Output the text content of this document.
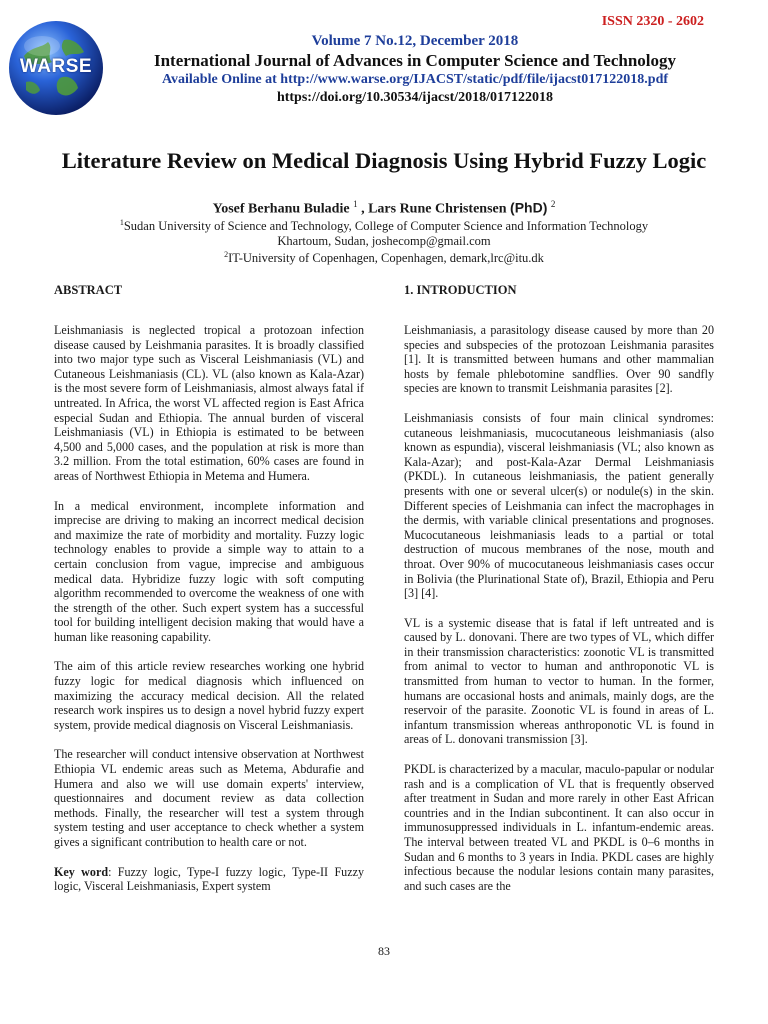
ISSN 2320 - 2602
WARSE
Volume 7 No.12, December 2018
International Journal of Advances in Computer Science and Technology
Available Online at http://www.warse.org/IJACST/static/pdf/file/ijacst017122018.pdf
https://doi.org/10.30534/ijacst/2018/017122018
Literature Review on Medical Diagnosis Using Hybrid Fuzzy Logic
Yosef Berhanu Buladie $^1$ , Lars Rune Christensen (PhD) $^2$
$^1$Sudan University of Science and Technology, College of Computer Science and Information Technology
Khartoum, Sudan, joshecomp@gmail.com
$^2$IT-University of Copenhagen, Copenhagen, demark,lrc@itu.dk
ABSTRACT

Leishmaniasis is neglected tropical a protozoan infection disease caused by Leishmania parasites. It is broadly classified into two major type such as Visceral Leishmaniasis (VL) and Cutaneous Leishmaniasis (CL). VL (also known as Kala-Azar) is the most severe form of Leishmaniasis, almost always fatal if untreated. In Africa, the worst VL affected region is East Africa especial Sudan and Ethiopia. The annual burden of visceral Leishmaniasis (VL) in Ethiopia is estimated to be between 4,500 and 5,000 cases, and the population at risk is more than 3.2 million. From the total estimation, 60% cases are found in areas of Northwest Ethiopia in Metema and Humera.

In a medical environment, incomplete information and imprecise are driving to making an incorrect medical decision and maximize the rate of morbidity and mortality. Fuzzy logic technology enables to provide a simple way to attain to a certain conclusion from vague, imprecise and ambiguous medical data. Hybridize fuzzy logic with soft computing algorithm recommended to overcome the weakness of one with the strength of the other. Such expert system has a successful tool for building intelligent decision making that would have a human like reasoning capability.

The aim of this article review researches working one hybrid fuzzy logic for medical diagnosis which influenced on maximizing the accuracy medical decision. All the related research work inspires us to design a novel hybrid fuzzy expert system, provide medical diagnosis on Visceral Leishmaniasis.

The researcher will conduct intensive observation at Northwest Ethiopia VL endemic areas such as Metema, Abdurafie and Humera and also we will use domain experts' interview, questionnaires and document review as data collection methods. Finally, the researcher will test a system through system testing and user acceptance to check whether a system gives a significant contribution to health care or not.

Key word: Fuzzy logic, Type-I fuzzy logic, Type-II Fuzzy logic, Visceral Leishmaniasis, Expert system

1. INTRODUCTION

Leishmaniasis, a parasitology disease caused by more than 20 species and subspecies of the protozoan Leishmania parasites [1]. It is transmitted between humans and other mammalian hosts by female phlebotomine sandflies. Over 90 sandfly species are known to transmit Leishmania parasites [2].

Leishmaniasis consists of four main clinical syndromes: cutaneous leishmaniasis, mucocutaneous leishmaniasis (also known as espundia), visceral leishmaniasis (VL; also known as Kala-Azar); and post-Kala-Azar Dermal Leishmaniasis (PKDL). In cutaneous leishmaniasis, the patient generally presents with one or several ulcer(s) or nodule(s) in the skin. Different species of Leishmania can infect the macrophages in the dermis, with variable clinical presentations and prognoses. Mucocutaneous leishmaniasis leads to a partial or total destruction of mucous membranes of the nose, mouth and throat. Over 90% of mucocutaneous leishmaniasis cases occur in Bolivia (the Plurinational State of), Brazil, Ethiopia and Peru [3] [4].

VL is a systemic disease that is fatal if left untreated and is caused by L. donovani. There are two types of VL, which differ in their transmission characteristics: zoonotic VL is transmitted from animal to vector to human and anthroponotic VL is transmitted from human to vector to human. In the former, humans are occasional hosts and animals, mainly dogs, are the reservoir of the parasite. Zoonotic VL is found in areas of L. infantum transmission whereas anthroponotic VL is found in areas of L. donovani transmission [3].

PKDL is characterized by a macular, maculo-papular or nodular rash and is a complication of VL that is frequently observed after treatment in Sudan and more rarely in other East African countries and in the Indian subcontinent. It can also occur in immunosuppressed individuals in L. infantum-endemic areas. The interval between treated VL and PKDL is 0–6 months in Sudan and 6 months to 3 years in India. PKDL cases are highly infectious because the nodular lesions contain many parasites, and such cases are the

83
